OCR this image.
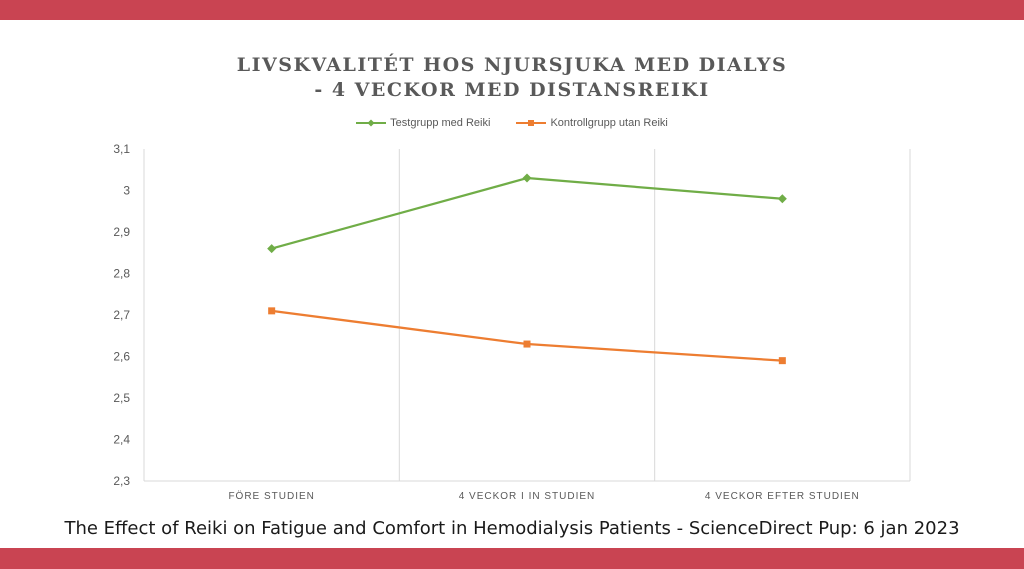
LIVSKVALITÉT HOS NJURSJUKA MED DIALYS
- 4 VECKOR MED DISTANSREIKI
Testgrupp med Reiki	Kontrollgrupp utan Reiki
2,3
2,4
2,5
2,6
2,7
2,8
2,9
3
3,1
FÖRE STUDIEN	4 VECKOR I IN STUDIEN	4 VECKOR EFTER STUDIEN
The Effect of Reiki on Fatigue and Comfort in Hemodialysis Patients - ScienceDirect Pup: 6 jan 2023
